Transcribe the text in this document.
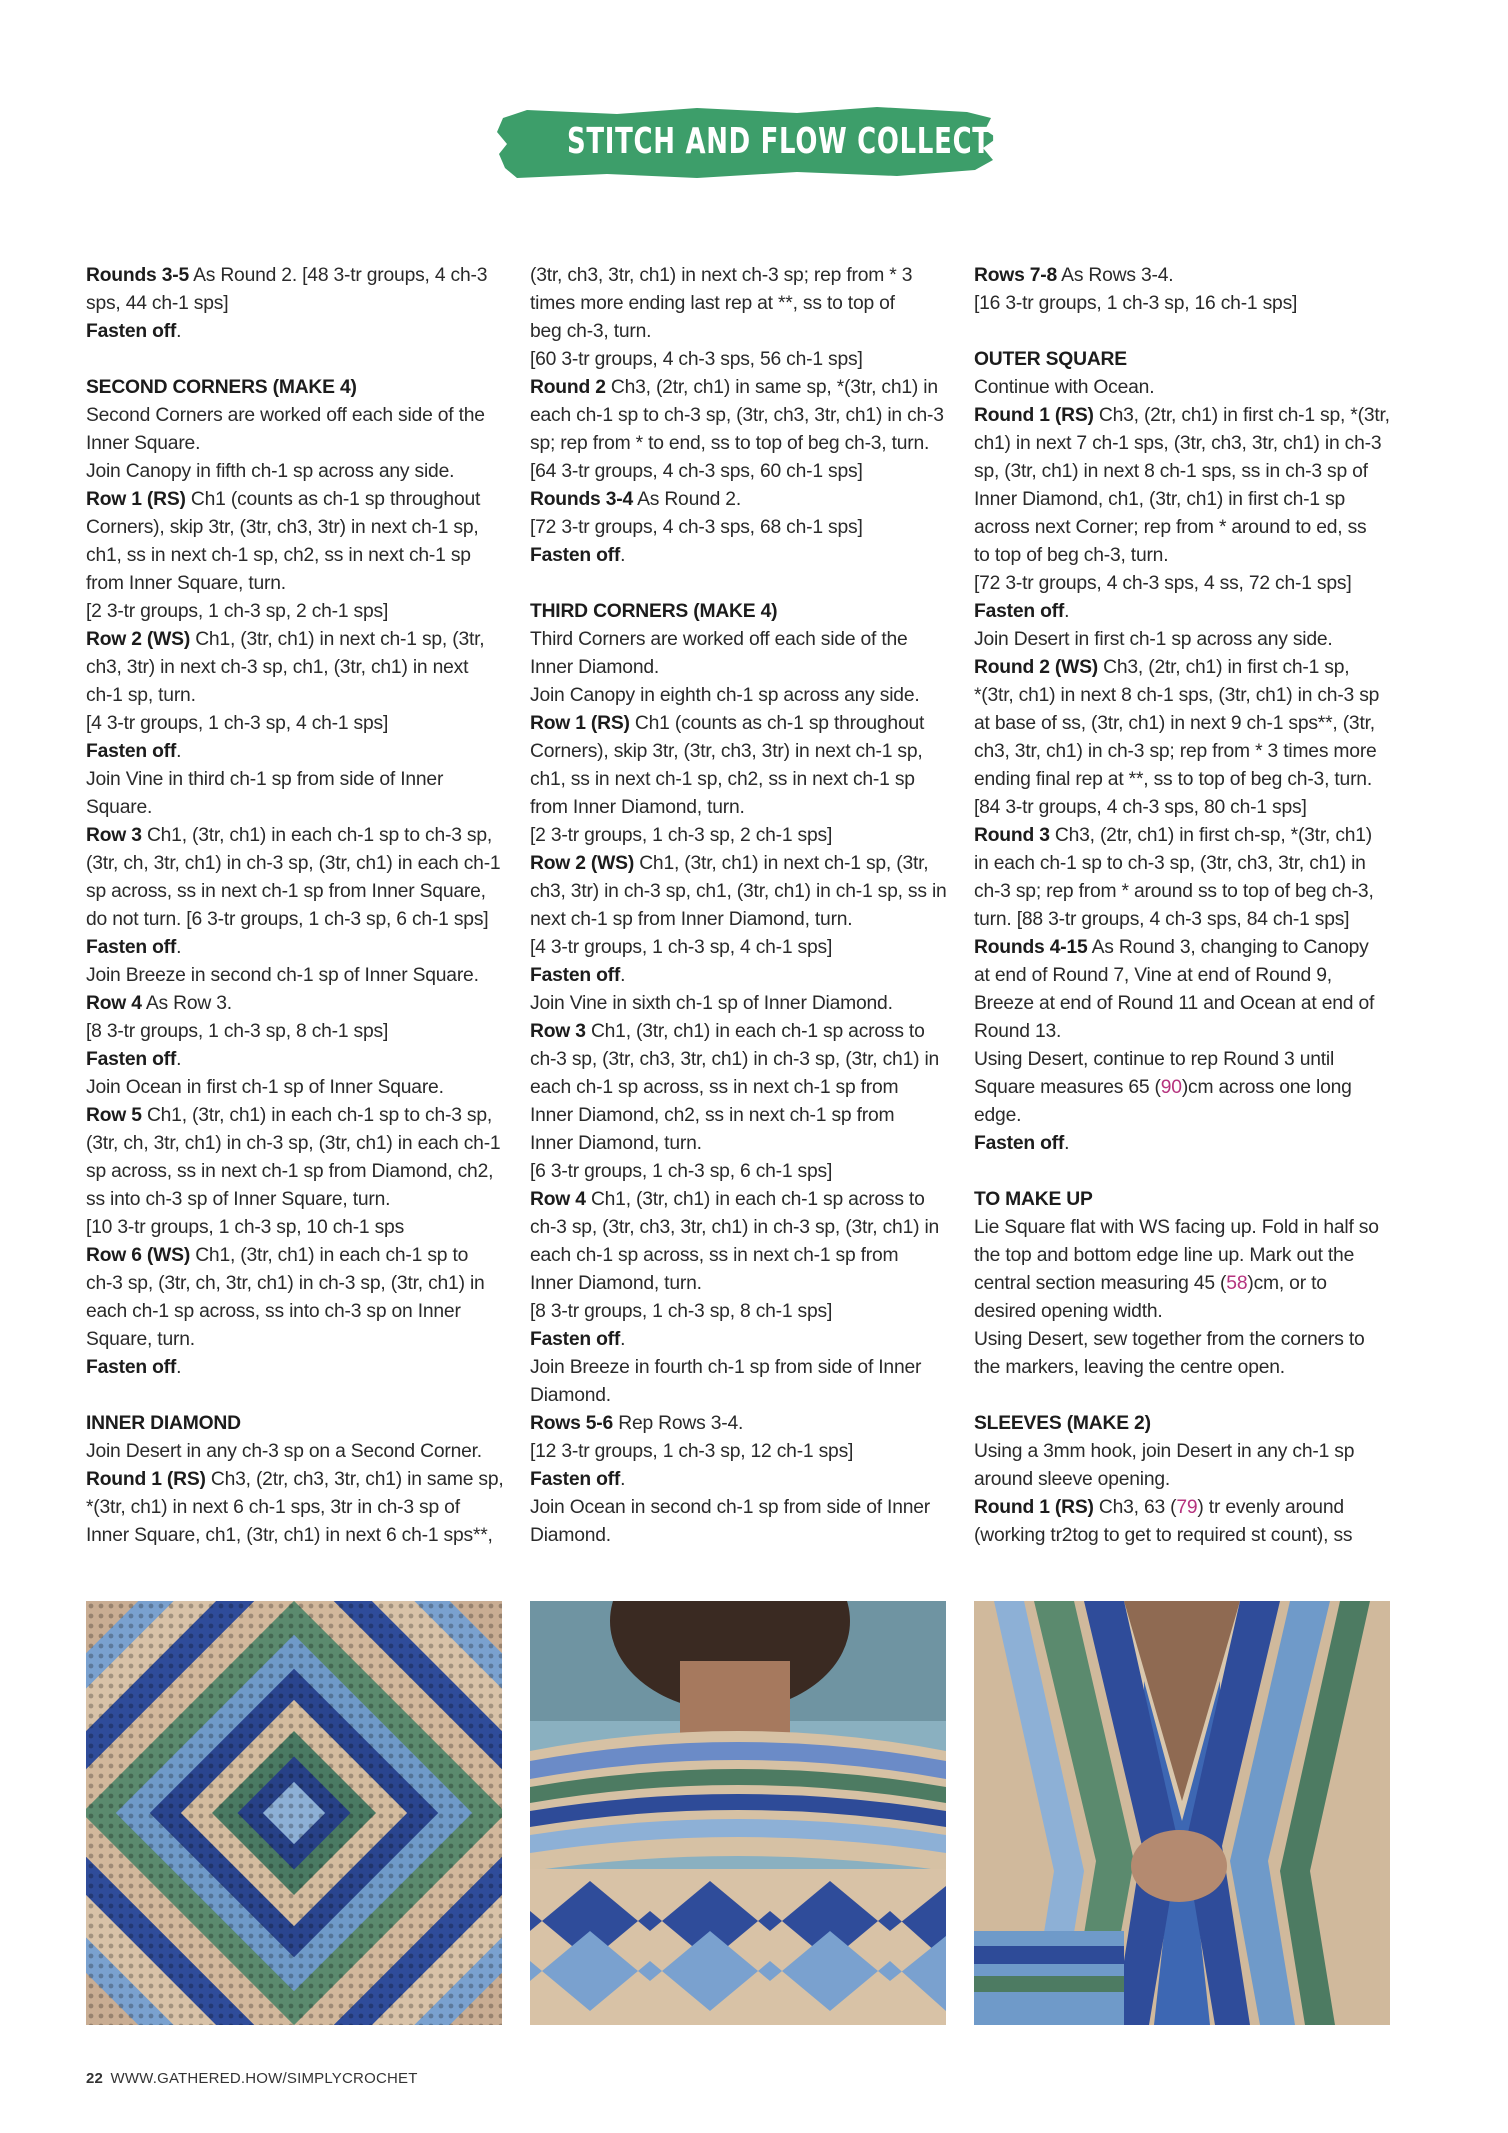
STITCH AND FLOW COLLECTION
Rounds 3-5 As Round 2. [48 3-tr groups, 4 ch-3
sps, 44 ch-1 sps]
Fasten off.
SECOND CORNERS (MAKE 4)
Second Corners are worked off each side of the
Inner Square.
Join Canopy in fifth ch-1 sp across any side.
Row 1 (RS) Ch1 (counts as ch-1 sp throughout
Corners), skip 3tr, (3tr, ch3, 3tr) in next ch-1 sp,
ch1, ss in next ch-1 sp, ch2, ss in next ch-1 sp
from Inner Square, turn.
[2 3-tr groups, 1 ch-3 sp, 2 ch-1 sps]
Row 2 (WS) Ch1, (3tr, ch1) in next ch-1 sp, (3tr,
ch3, 3tr) in next ch-3 sp, ch1, (3tr, ch1) in next
ch-1 sp, turn.
[4 3-tr groups, 1 ch-3 sp, 4 ch-1 sps]
Fasten off.
Join Vine in third ch-1 sp from side of Inner
Square.
Row 3 Ch1, (3tr, ch1) in each ch-1 sp to ch-3 sp,
(3tr, ch, 3tr, ch1) in ch-3 sp, (3tr, ch1) in each ch-1
sp across, ss in next ch-1 sp from Inner Square,
do not turn. [6 3-tr groups, 1 ch-3 sp, 6 ch-1 sps]
Fasten off.
Join Breeze in second ch-1 sp of Inner Square.
Row 4 As Row 3.
[8 3-tr groups, 1 ch-3 sp, 8 ch-1 sps]
Fasten off.
Join Ocean in first ch-1 sp of Inner Square.
Row 5 Ch1, (3tr, ch1) in each ch-1 sp to ch-3 sp,
(3tr, ch, 3tr, ch1) in ch-3 sp, (3tr, ch1) in each ch-1
sp across, ss in next ch-1 sp from Diamond, ch2,
ss into ch-3 sp of Inner Square, turn.
[10 3-tr groups, 1 ch-3 sp, 10 ch-1 sps
Row 6 (WS) Ch1, (3tr, ch1) in each ch-1 sp to
ch-3 sp, (3tr, ch, 3tr, ch1) in ch-3 sp, (3tr, ch1) in
each ch-1 sp across, ss into ch-3 sp on Inner
Square, turn.
Fasten off.
INNER DIAMOND
Join Desert in any ch-3 sp on a Second Corner.
Round 1 (RS) Ch3, (2tr, ch3, 3tr, ch1) in same sp,
*(3tr, ch1) in next 6 ch-1 sps, 3tr in ch-3 sp of
Inner Square, ch1, (3tr, ch1) in next 6 ch-1 sps**,
(3tr, ch3, 3tr, ch1) in next ch-3 sp; rep from * 3
times more ending last rep at **, ss to top of
beg ch-3, turn.
[60 3-tr groups, 4 ch-3 sps, 56 ch-1 sps]
Round 2 Ch3, (2tr, ch1) in same sp, *(3tr, ch1) in
each ch-1 sp to ch-3 sp, (3tr, ch3, 3tr, ch1) in ch-3
sp; rep from * to end, ss to top of beg ch-3, turn.
[64 3-tr groups, 4 ch-3 sps, 60 ch-1 sps]
Rounds 3-4 As Round 2.
[72 3-tr groups, 4 ch-3 sps, 68 ch-1 sps]
Fasten off.
THIRD CORNERS (MAKE 4)
Third Corners are worked off each side of the
Inner Diamond.
Join Canopy in eighth ch-1 sp across any side.
Row 1 (RS) Ch1 (counts as ch-1 sp throughout
Corners), skip 3tr, (3tr, ch3, 3tr) in next ch-1 sp,
ch1, ss in next ch-1 sp, ch2, ss in next ch-1 sp
from Inner Diamond, turn.
[2 3-tr groups, 1 ch-3 sp, 2 ch-1 sps]
Row 2 (WS) Ch1, (3tr, ch1) in next ch-1 sp, (3tr,
ch3, 3tr) in ch-3 sp, ch1, (3tr, ch1) in ch-1 sp, ss in
next ch-1 sp from Inner Diamond, turn.
[4 3-tr groups, 1 ch-3 sp, 4 ch-1 sps]
Fasten off.
Join Vine in sixth ch-1 sp of Inner Diamond.
Row 3 Ch1, (3tr, ch1) in each ch-1 sp across to
ch-3 sp, (3tr, ch3, 3tr, ch1) in ch-3 sp, (3tr, ch1) in
each ch-1 sp across, ss in next ch-1 sp from
Inner Diamond, ch2, ss in next ch-1 sp from
Inner Diamond, turn.
[6 3-tr groups, 1 ch-3 sp, 6 ch-1 sps]
Row 4 Ch1, (3tr, ch1) in each ch-1 sp across to
ch-3 sp, (3tr, ch3, 3tr, ch1) in ch-3 sp, (3tr, ch1) in
each ch-1 sp across, ss in next ch-1 sp from
Inner Diamond, turn.
[8 3-tr groups, 1 ch-3 sp, 8 ch-1 sps]
Fasten off.
Join Breeze in fourth ch-1 sp from side of Inner
Diamond.
Rows 5-6 Rep Rows 3-4.
[12 3-tr groups, 1 ch-3 sp, 12 ch-1 sps]
Fasten off.
Join Ocean in second ch-1 sp from side of Inner
Diamond.
Rows 7-8 As Rows 3-4.
[16 3-tr groups, 1 ch-3 sp, 16 ch-1 sps]
OUTER SQUARE
Continue with Ocean.
Round 1 (RS) Ch3, (2tr, ch1) in first ch-1 sp, *(3tr,
ch1) in next 7 ch-1 sps, (3tr, ch3, 3tr, ch1) in ch-3
sp, (3tr, ch1) in next 8 ch-1 sps, ss in ch-3 sp of
Inner Diamond, ch1, (3tr, ch1) in first ch-1 sp
across next Corner; rep from * around to ed, ss
to top of beg ch-3, turn.
[72 3-tr groups, 4 ch-3 sps, 4 ss, 72 ch-1 sps]
Fasten off.
Join Desert in first ch-1 sp across any side.
Round 2 (WS) Ch3, (2tr, ch1) in first ch-1 sp,
*(3tr, ch1) in next 8 ch-1 sps, (3tr, ch1) in ch-3 sp
at base of ss, (3tr, ch1) in next 9 ch-1 sps**, (3tr,
ch3, 3tr, ch1) in ch-3 sp; rep from * 3 times more
ending final rep at **, ss to top of beg ch-3, turn.
[84 3-tr groups, 4 ch-3 sps, 80 ch-1 sps]
Round 3 Ch3, (2tr, ch1) in first ch-sp, *(3tr, ch1)
in each ch-1 sp to ch-3 sp, (3tr, ch3, 3tr, ch1) in
ch-3 sp; rep from * around ss to top of beg ch-3,
turn. [88 3-tr groups, 4 ch-3 sps, 84 ch-1 sps]
Rounds 4-15 As Round 3, changing to Canopy
at end of Round 7, Vine at end of Round 9,
Breeze at end of Round 11 and Ocean at end of
Round 13.
Using Desert, continue to rep Round 3 until
Square measures 65 (90)cm across one long
edge.
Fasten off.
TO MAKE UP
Lie Square flat with WS facing up. Fold in half so
the top and bottom edge line up. Mark out the
central section measuring 45 (58)cm, or to
desired opening width.
Using Desert, sew together from the corners to
the markers, leaving the centre open.
SLEEVES (MAKE 2)
Using a 3mm hook, join Desert in any ch-1 sp
around sleeve opening.
Round 1 (RS) Ch3, 63 (79) tr evenly around
(working tr2tog to get to required st count), ss
22 WWW.GATHERED.HOW/SIMPLYCROCHET
